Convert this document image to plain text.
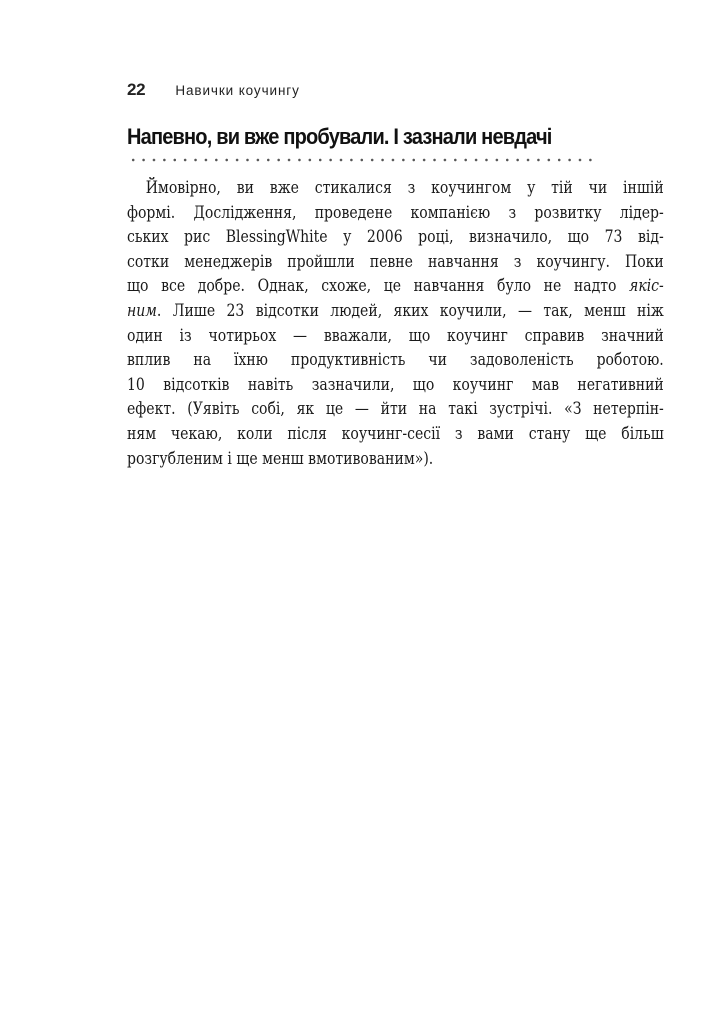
22 Навички коучингу
Напевно, ви вже пробували. І зазнали невдачі
Ймовірно, ви вже стикалися з коучингом у тій чи іншій
формі. Дослідження, проведене компанією з розвитку лідер-
ських рис BlessingWhite у 2006 році, визначило, що 73 від-
сотки менеджерів пройшли певне навчання з коучингу. Поки
що все добре. Однак, схоже, це навчання було не надто якіс-
ним. Лише 23 відсотки людей, яких коучили, — так, менш ніж
один із чотирьох — вважали, що коучинг справив значний
вплив на їхню продуктивність чи задоволеність роботою.
10 відсотків навіть зазначили, що коучинг мав негативний
ефект. (Уявіть собі, як це — йти на такі зустрічі. «З нетерпін-
ням чекаю, коли після коучинг-сесії з вами стану ще більш
розгубленим і ще менш вмотивованим»).
